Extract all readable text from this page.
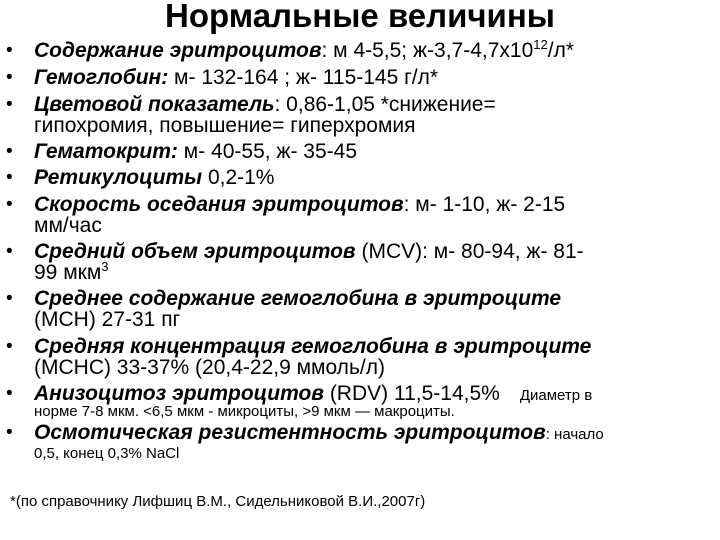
Нормальные величины
• Содержание эритроцитов: м 4-5,5; $ж-3,7-4,7х10^{12}/л*$
• Гемоглобин: м- 132-164 ; ж- 115-145 г/л*
• Цветовой показатель: 0,86-1,05 *снижение=
гипохромия, повышение= гиперхромия
• Гематокрит: м- 40-55, ж- 35-45
• Ретикулоциты 0,2-1%
• Скорость оседания эритроцитов: м- 1-10, ж- 2-15
мм/час
• Средний объем эритроцитов (MCV): м- 80-94, ж- 81-
99 мкм$^3$
• Среднее содержание гемоглобина в эритроците
(MCH) 27-31 пг
• Средняя концентрация гемоглобина в эритроците
(MCHC) 33-37% (20,4-22,9 ммоль/л)
• Анизоцитоз эритроцитов (RDV) 11,5-14,5% Диаметр в
норме 7-8 мкм. <6,5 мкм - микроциты, >9 мкм — макроциты.
• Осмотическая резистентность эритроцитов: начало
0,5, конец 0,3% NaCl
*(по справочнику Лифшиц В.М., Сидельниковой В.И.,2007г)
